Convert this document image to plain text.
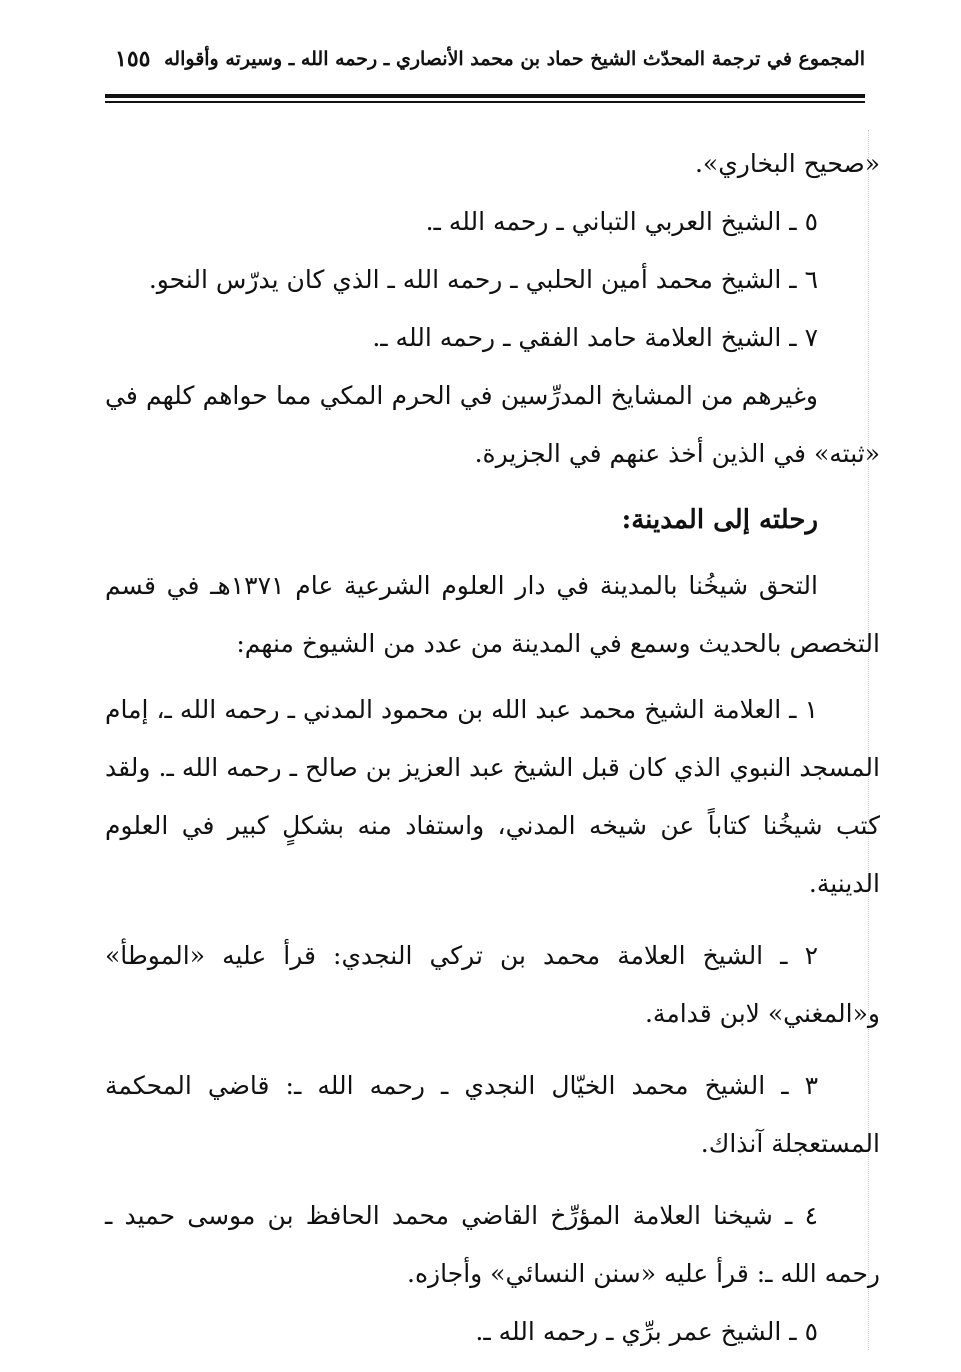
المجموع في ترجمة المحدّث الشيخ حماد بن محمد الأنصاري ـ رحمه الله ـ وسيرته وأقواله
١٥٥

«صحيح البخاري».

٥ ـ الشيخ العربي التباني ـ رحمه الله ـ.

٦ ـ الشيخ محمد أمين الحلبي ـ رحمه الله ـ الذي كان يدرّس النحو.

٧ ـ الشيخ العلامة حامد الفقي ـ رحمه الله ـ.

وغيرهم من المشايخ المدرِّسين في الحرم المكي مما حواهم كلهم في «ثبته» في الذين أخذ عنهم في الجزيرة.

رحلته إلى المدينة:

التحق شيخُنا بالمدينة في دار العلوم الشرعية عام ١٣٧١هـ في قسم التخصص بالحديث وسمع في المدينة من عدد من الشيوخ منهم:

١ ـ العلامة الشيخ محمد عبد الله بن محمود المدني ـ رحمه الله ـ، إمام المسجد النبوي الذي كان قبل الشيخ عبد العزيز بن صالح ـ رحمه الله ـ. ولقد كتب شيخُنا كتاباً عن شيخه المدني، واستفاد منه بشكلٍ كبير في العلوم الدينية.

٢ ـ الشيخ العلامة محمد بن تركي النجدي: قرأ عليه «الموطأ» و«المغني» لابن قدامة.

٣ ـ الشيخ محمد الخيّال النجدي ـ رحمه الله ـ: قاضي المحكمة المستعجلة آنذاك.

٤ ـ شيخنا العلامة المؤرِّخ القاضي محمد الحافظ بن موسى حميد ـ رحمه الله ـ: قرأ عليه «سنن النسائي» وأجازه.

٥ ـ الشيخ عمر برِّي ـ رحمه الله ـ.
